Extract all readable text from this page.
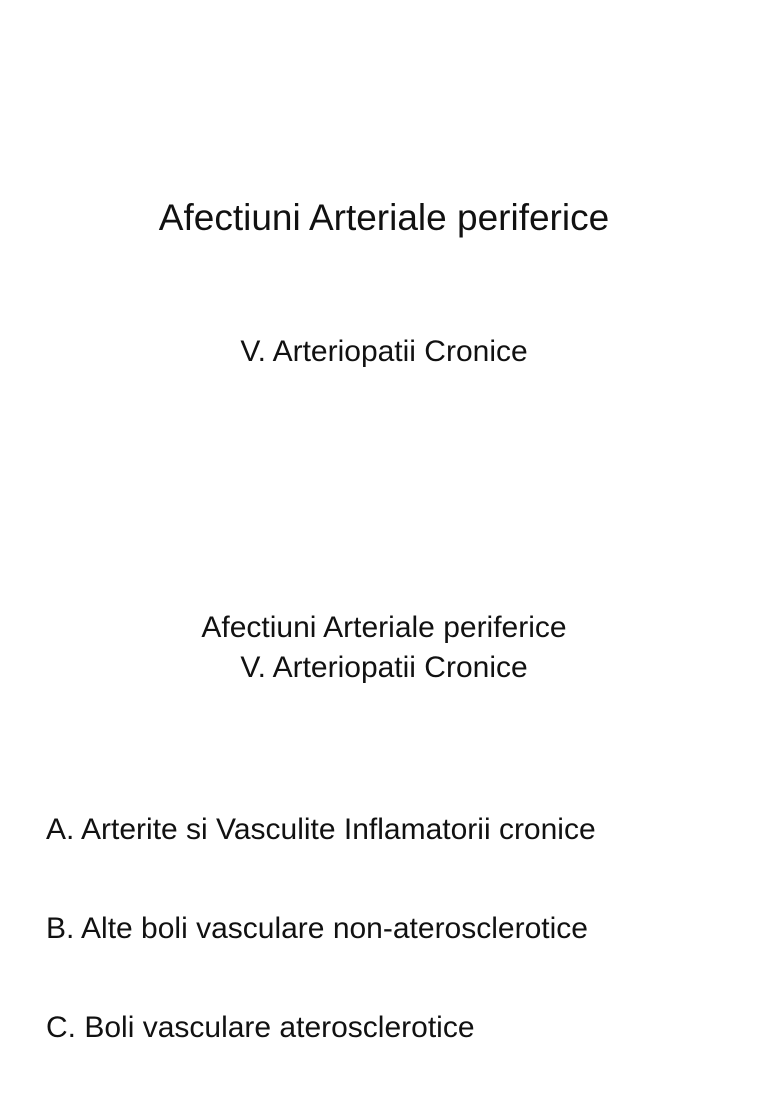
Afectiuni Arteriale periferice
V. Arteriopatii Cronice
Afectiuni Arteriale periferice
V. Arteriopatii Cronice
A. Arterite si Vasculite Inflamatorii cronice
B. Alte boli vasculare non-aterosclerotice
C. Boli vasculare aterosclerotice
